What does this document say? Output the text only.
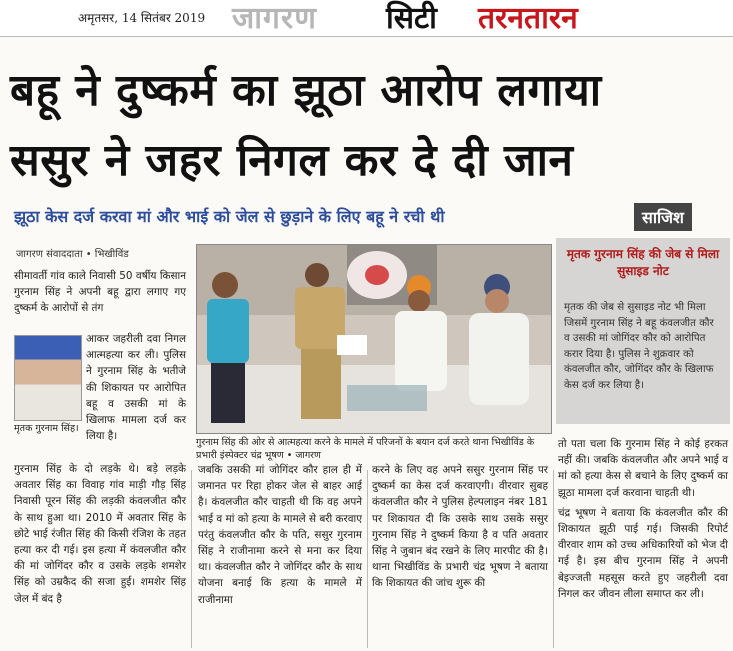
अमृतसर, 14 सितंबर 2019 जागरण सिटी तरनतारन
बहू ने दुष्कर्म का झूठा आरोप लगाया
ससुर ने जहर निगल कर दे दी जान
झूठा केस दर्ज करवा मां और भाई को जेल से छुड़ाने के लिए बहू ने रची थी	साजिश
जागरण संवाददाता • भिखीविंड

सीमावर्ती गांव काले निवासी 50 वर्षीय किसान गुरनाम सिंह ने अपनी बहू द्वारा लगाए गए दुष्कर्म के आरोपों से तंग

मृतक गुरनाम सिंह।

आकर जहरीली दवा निगल आत्महत्या कर ली। पुलिस ने गुरनाम सिंह के भतीजे की शिकायत पर आरोपित बहू व उसकी मां के खिलाफ मामला दर्ज कर लिया है।

गुरनाम सिंह के दो लड़के थे। बड़े लड़के अवतार सिंह का विवाह गांव माड़ी गौड़ सिंह निवासी पूरन सिंह की लड़की कंवलजीत कौर के साथ हुआ था। 2010 में अवतार सिंह के छोटे भाई रंजीत सिंह की किसी रंजिश के तहत हत्या कर दी गई। इस हत्या में कंवलजीत कौर की मां जोगिंदर कौर व उसके लड़के शमशेर सिंह को उम्रकैद की सजा हुई। शमशेर सिंह जेल में बंद है

गुरनाम सिंह की ओर से आत्महत्या करने के मामले में परिजनों के बयान दर्ज करते थाना भिखीविंड के प्रभारी इंस्पेक्टर चंद्र भूषण • जागरण
मृतक गुरनाम सिंह की जेब से मिला सुसाइड नोट
मृतक की जेब से सुसाइड नोट भी मिला जिसमें गुरनाम सिंह ने बहू कंवलजीत कौर व उसकी मां जोगिंदर कौर को आरोपित करार दिया है। पुलिस ने शुक्रवार को कंवलजीत कौर, जोगिंदर कौर के खिलाफ केस दर्ज कर लिया है।

जबकि उसकी मां जोगिंदर कौर हाल ही में जमानत पर रिहा होकर जेल से बाहर आई है। कंवलजीत कौर चाहती थी कि वह अपने भाई व मां को हत्या के मामले से बरी करवाए परंतु कंवलजीत कौर के पति, ससुर गुरनाम सिंह ने राजीनामा करने से मना कर दिया था। कंवलजीत कौर ने जोगिंदर कौर के साथ योजना बनाई कि हत्या के मामले में राजीनामा

करने के लिए वह अपने ससुर गुरनाम सिंह पर दुष्कर्म का केस दर्ज करवाएगी। वीरवार सुबह कंवलजीत कौर ने पुलिस हेल्पलाइन नंबर 181 पर शिकायत दी कि उसके साथ उसके ससुर गुरनाम सिंह ने दुष्कर्म किया है व पति अवतार सिंह ने जुबान बंद रखने के लिए मारपीट की है। थाना भिखीविंड के प्रभारी चंद्र भूषण ने बताया कि शिकायत की जांच शुरू की

तो पता चला कि गुरनाम सिंह ने कोई हरकत नहीं की। जबकि कंवलजीत और अपने भाई व मां को हत्या केस से बचाने के लिए दुष्कर्म का झूठा मामला दर्ज करवाना चाहती थी।

चंद्र भूषण ने बताया कि कंवलजीत कौर की शिकायत झूठी पाई गई। जिसकी रिपोर्ट वीरवार शाम को उच्च अधिकारियों को भेज दी गई है। इस बीच गुरनाम सिंह ने अपनी बेइज्जती महसूस करते हुए जहरीली दवा निगल कर जीवन लीला समाप्त कर ली।
